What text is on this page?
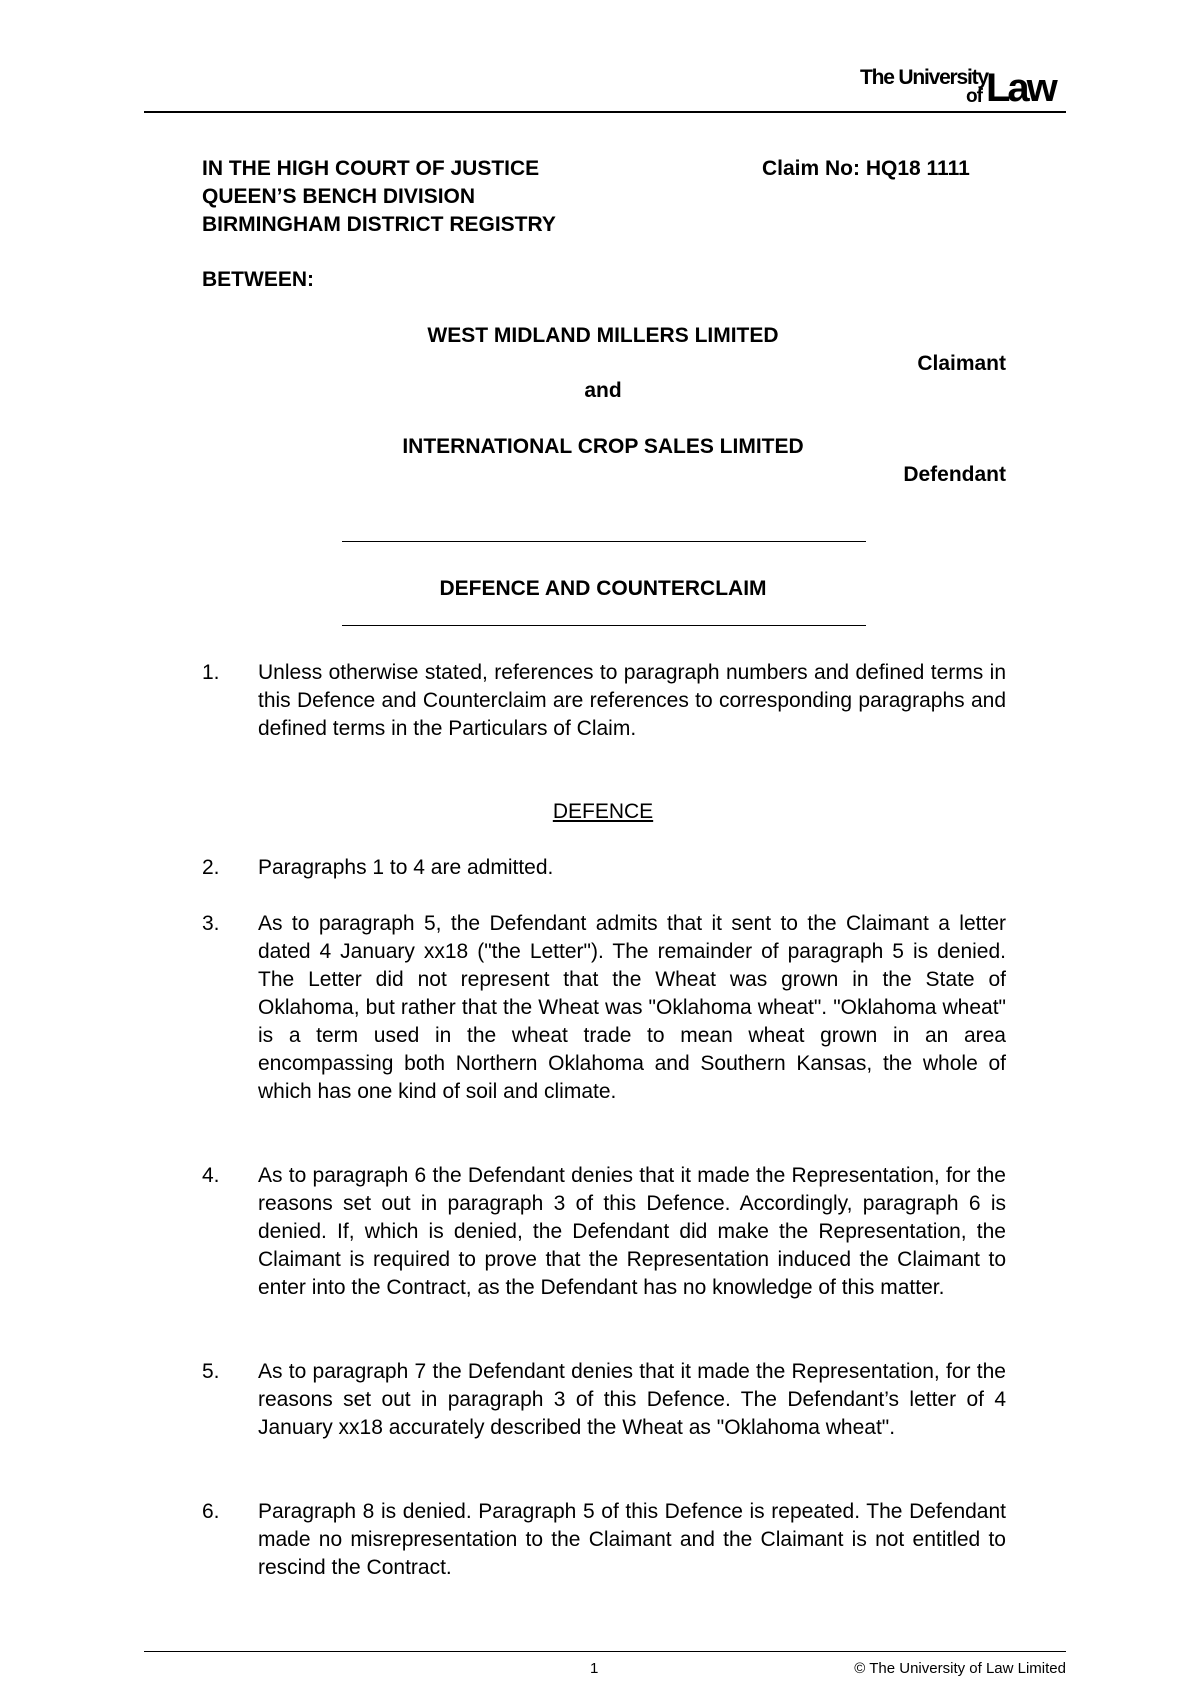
The University
of Law
IN THE HIGH COURT OF JUSTICE
QUEEN’S BENCH DIVISION
BIRMINGHAM DISTRICT REGISTRY
Claim No: HQ18 1111
BETWEEN:
WEST MIDLAND MILLERS LIMITED
Claimant
and
INTERNATIONAL CROP SALES LIMITED
Defendant
DEFENCE AND COUNTERCLAIM
1. Unless otherwise stated, references to paragraph numbers and defined terms in this Defence and Counterclaim are references to corresponding paragraphs and defined terms in the Particulars of Claim.
DEFENCE
2. Paragraphs 1 to 4 are admitted.
3. As to paragraph 5, the Defendant admits that it sent to the Claimant a letter dated 4 January xx18 ("the Letter"). The remainder of paragraph 5 is denied. The Letter did not represent that the Wheat was grown in the State of Oklahoma, but rather that the Wheat was "Oklahoma wheat". "Oklahoma wheat" is a term used in the wheat trade to mean wheat grown in an area encompassing both Northern Oklahoma and Southern Kansas, the whole of which has one kind of soil and climate.
4. As to paragraph 6 the Defendant denies that it made the Representation, for the reasons set out in paragraph 3 of this Defence. Accordingly, paragraph 6 is denied. If, which is denied, the Defendant did make the Representation, the Claimant is required to prove that the Representation induced the Claimant to enter into the Contract, as the Defendant has no knowledge of this matter.
5. As to paragraph 7 the Defendant denies that it made the Representation, for the reasons set out in paragraph 3 of this Defence. The Defendant’s letter of 4 January xx18 accurately described the Wheat as "Oklahoma wheat".
6. Paragraph 8 is denied. Paragraph 5 of this Defence is repeated. The Defendant made no misrepresentation to the Claimant and the Claimant is not entitled to rescind the Contract.
1	© The University of Law Limited
